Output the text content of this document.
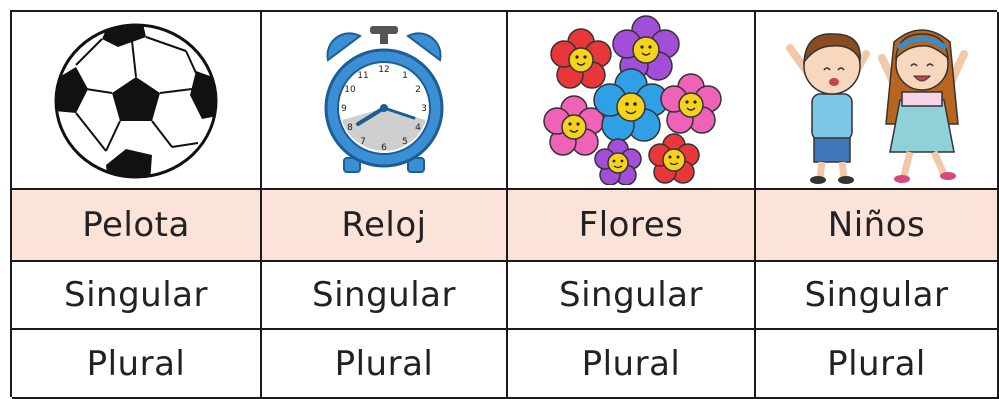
12
1
2
3
4
5
6
7
8
9
10
11
Pelota	Reloj	Flores	Niños
Singular	Singular	Singular	Singular
Plural	Plural	Plural	Plural
